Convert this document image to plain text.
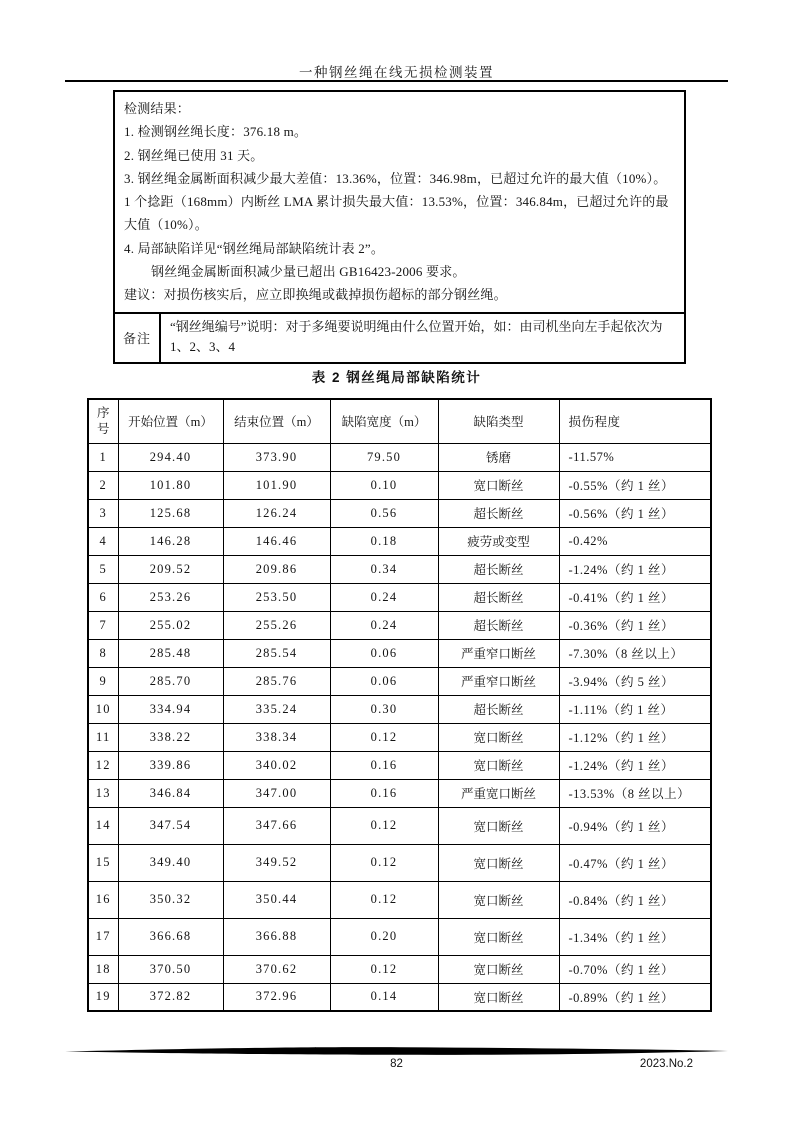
一种钢丝绳在线无损检测装置
检测结果：
1. 检测钢丝绳长度：376.18 m。
2. 钢丝绳已使用 31 天。
3. 钢丝绳金属断面积减少最大差值：13.36%，位置：346.98m，已超过允许的最大值（10%）。
1 个捻距（168mm）内断丝 LMA 累计损失最大值：13.53%，位置：346.84m，已超过允许的最大值（10%）。
4. 局部缺陷详见“钢丝绳局部缺陷统计表 2”。
钢丝绳金属断面积减少量已超出 GB16423-2006 要求。
建议：对损伤核实后，应立即换绳或截掉损伤超标的部分钢丝绳。
备注
“钢丝绳编号”说明：对于多绳要说明绳由什么位置开始，如：由司机坐向左手起依次为 1、2、3、4
表 2 钢丝绳局部缺陷统计
序号	开始位置（m）	结束位置（m）	缺陷宽度（m）	缺陷类型	损伤程度
1	294.40	373.90	79.50	锈磨	-11.57%
2	101.80	101.90	0.10	宽口断丝	-0.55%（约 1 丝）
3	125.68	126.24	0.56	超长断丝	-0.56%（约 1 丝）
4	146.28	146.46	0.18	疲劳或变型	-0.42%
5	209.52	209.86	0.34	超长断丝	-1.24%（约 1 丝）
6	253.26	253.50	0.24	超长断丝	-0.41%（约 1 丝）
7	255.02	255.26	0.24	超长断丝	-0.36%（约 1 丝）
8	285.48	285.54	0.06	严重窄口断丝	-7.30%（8 丝以上）
9	285.70	285.76	0.06	严重窄口断丝	-3.94%（约 5 丝）
10	334.94	335.24	0.30	超长断丝	-1.11%（约 1 丝）
11	338.22	338.34	0.12	宽口断丝	-1.12%（约 1 丝）
12	339.86	340.02	0.16	宽口断丝	-1.24%（约 1 丝）
13	346.84	347.00	0.16	严重宽口断丝	-13.53%（8 丝以上）
14	347.54	347.66	0.12	宽口断丝	-0.94%（约 1 丝）
15	349.40	349.52	0.12	宽口断丝	-0.47%（约 1 丝）
16	350.32	350.44	0.12	宽口断丝	-0.84%（约 1 丝）
17	366.68	366.88	0.20	宽口断丝	-1.34%（约 1 丝）
18	370.50	370.62	0.12	宽口断丝	-0.70%（约 1 丝）
19	372.82	372.96	0.14	宽口断丝	-0.89%（约 1 丝）
82	2023.No.2
